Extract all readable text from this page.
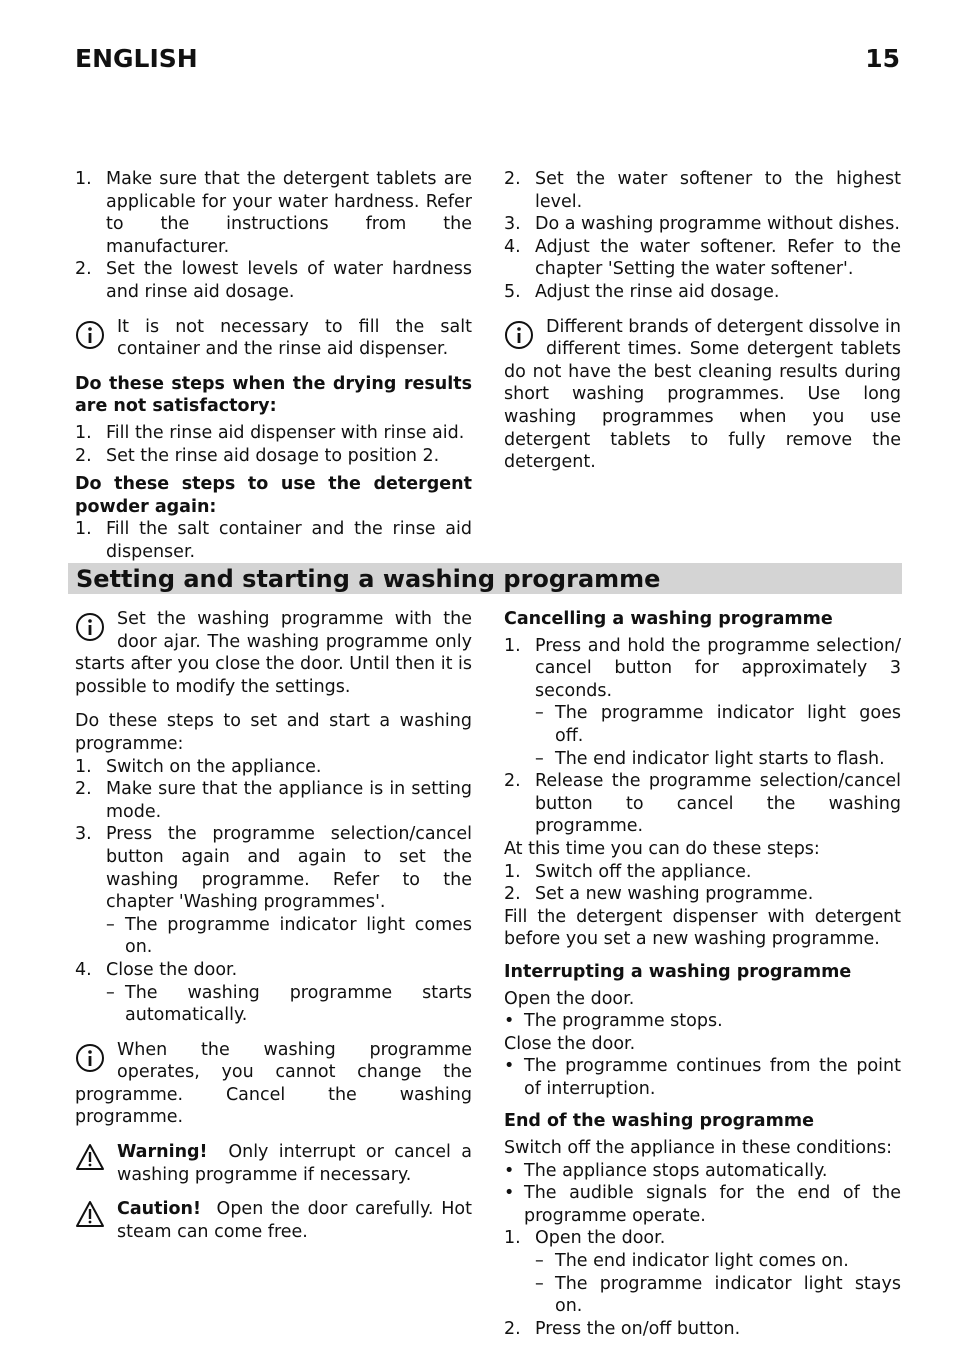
ENGLISH	15
1. Make sure that the detergent tablets are applicable for your water hardness. Refer to the instructions from the manufacturer.
2. Set the lowest levels of water hardness and rinse aid dosage.
It is not necessary to fill the salt container and the rinse aid dispenser.
Do these steps when the drying results are not satisfactory:
1. Fill the rinse aid dispenser with rinse aid.
2. Set the rinse aid dosage to position 2.
Do these steps to use the detergent powder again:
1. Fill the salt container and the rinse aid dispenser.
2. Set the water softener to the highest level.
3. Do a washing programme without dishes.
4. Adjust the water softener. Refer to the chapter 'Setting the water softener'.
5. Adjust the rinse aid dosage.
Different brands of detergent dissolve in different times. Some detergent tablets do not have the best cleaning results during short washing programmes. Use long washing programmes when you use detergent tablets to fully remove the detergent.
Setting and starting a washing programme
Set the washing programme with the door ajar. The washing programme only starts after you close the door. Until then it is possible to modify the settings.
Do these steps to set and start a washing programme:
1. Switch on the appliance.
2. Make sure that the appliance is in setting mode.
3. Press the programme selection/cancel button again and again to set the washing programme. Refer to the chapter 'Washing programmes'.
– The programme indicator light comes on.
4. Close the door.
– The washing programme starts automatically.
When the washing programme operates, you cannot change the programme. Cancel the washing programme.
Warning! Only interrupt or cancel a washing programme if necessary.
Caution! Open the door carefully. Hot steam can come free.
Cancelling a washing programme
1. Press and hold the programme selection/ cancel button for approximately 3 seconds.
– The programme indicator light goes off.
– The end indicator light starts to flash.
2. Release the programme selection/cancel button to cancel the washing programme.
At this time you can do these steps:
1. Switch off the appliance.
2. Set a new washing programme.
Fill the detergent dispenser with detergent before you set a new washing programme.
Interrupting a washing programme
Open the door.
• The programme stops.
Close the door.
• The programme continues from the point of interruption.
End of the washing programme
Switch off the appliance in these conditions:
• The appliance stops automatically.
• The audible signals for the end of the programme operate.
1. Open the door.
– The end indicator light comes on.
– The programme indicator light stays on.
2. Press the on/off button.
